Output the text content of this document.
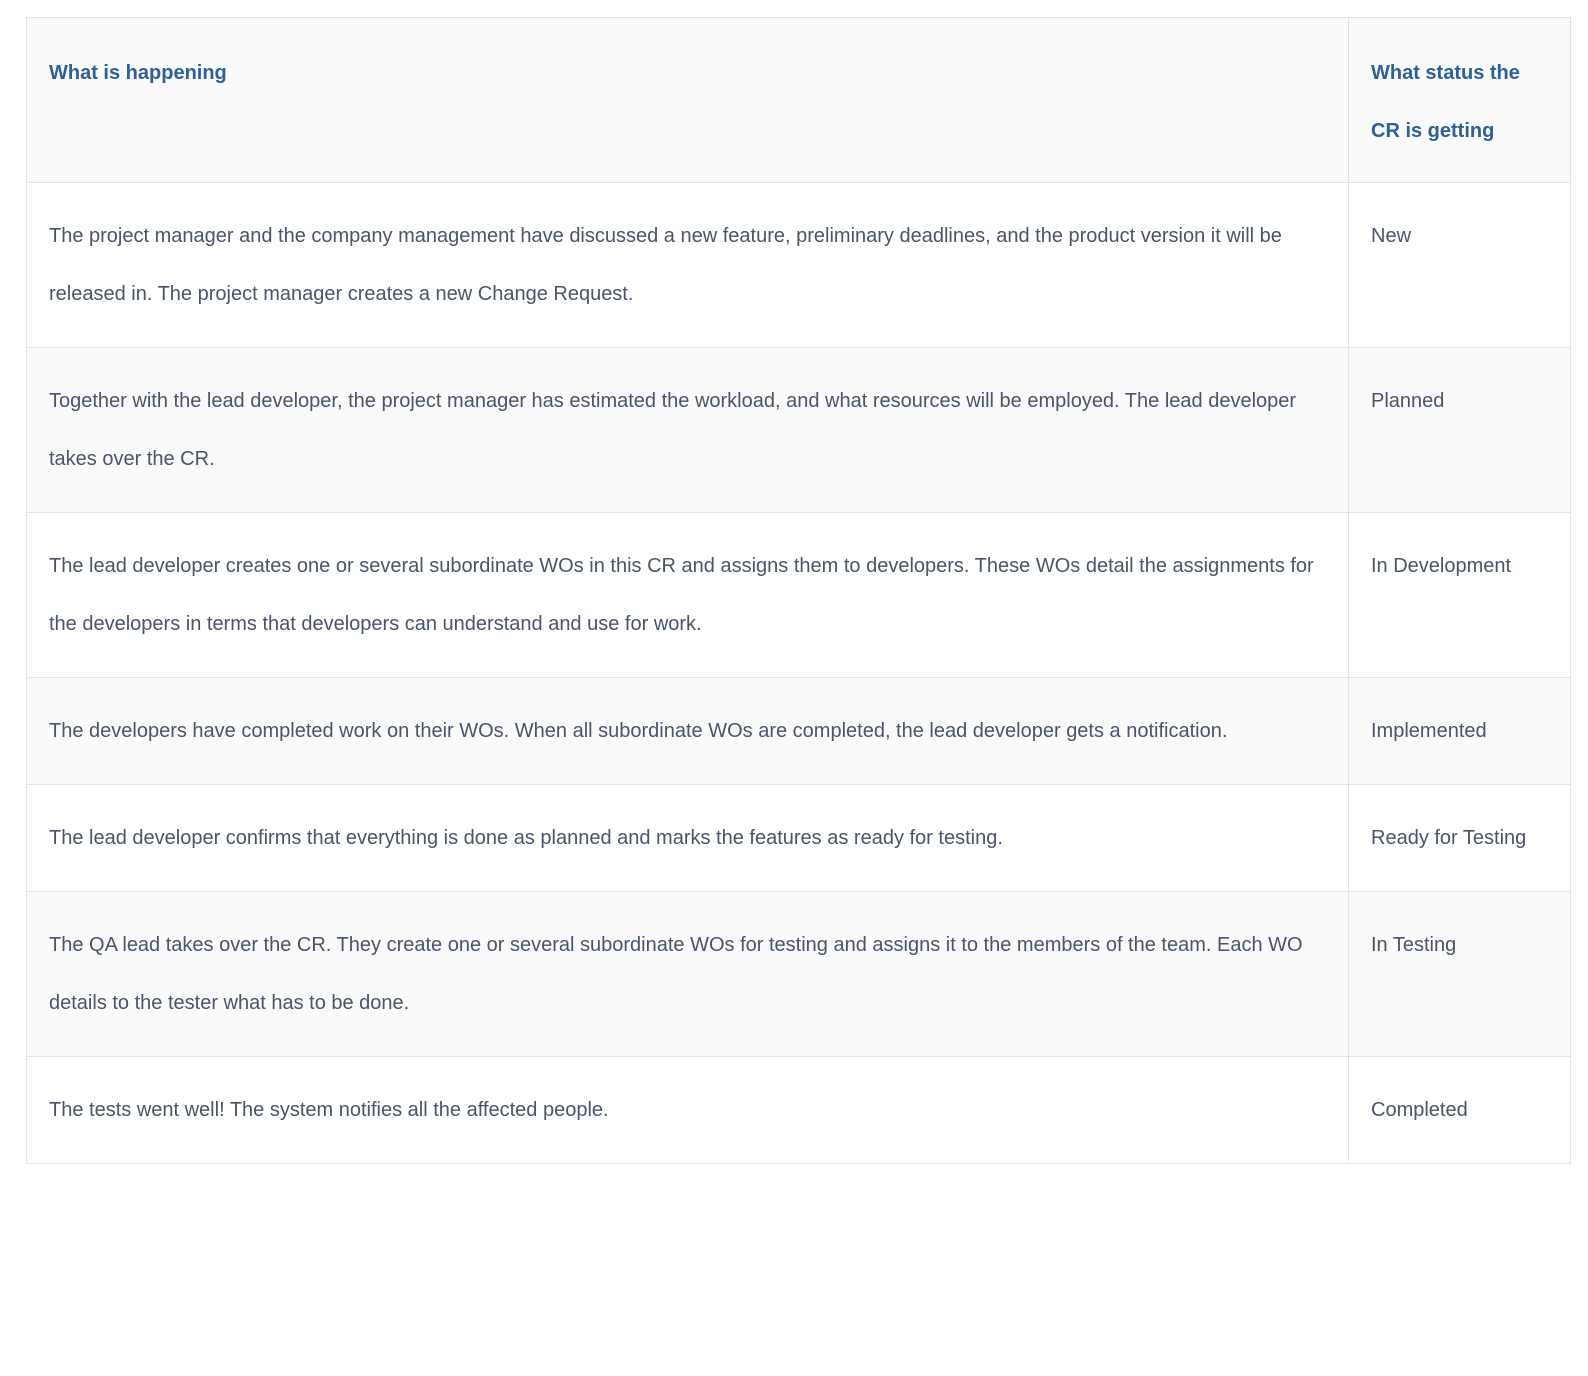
What is happening	What status the CR is getting
The project manager and the company management have discussed a new feature, preliminary deadlines, and the product version it will be released in. The project manager creates a new Change Request.	New
Together with the lead developer, the project manager has estimated the workload, and what resources will be employed. The lead developer takes over the CR.	Planned
The lead developer creates one or several subordinate WOs in this CR and assigns them to developers. These WOs detail the assignments for the developers in terms that developers can understand and use for work.	In Development
The developers have completed work on their WOs. When all subordinate WOs are completed, the lead developer gets a notification.	Implemented
The lead developer confirms that everything is done as planned and marks the features as ready for testing.	Ready for Testing
The QA lead takes over the CR. They create one or several subordinate WOs for testing and assigns it to the members of the team. Each WO details to the tester what has to be done.	In Testing
The tests went well! The system notifies all the affected people.	Completed
